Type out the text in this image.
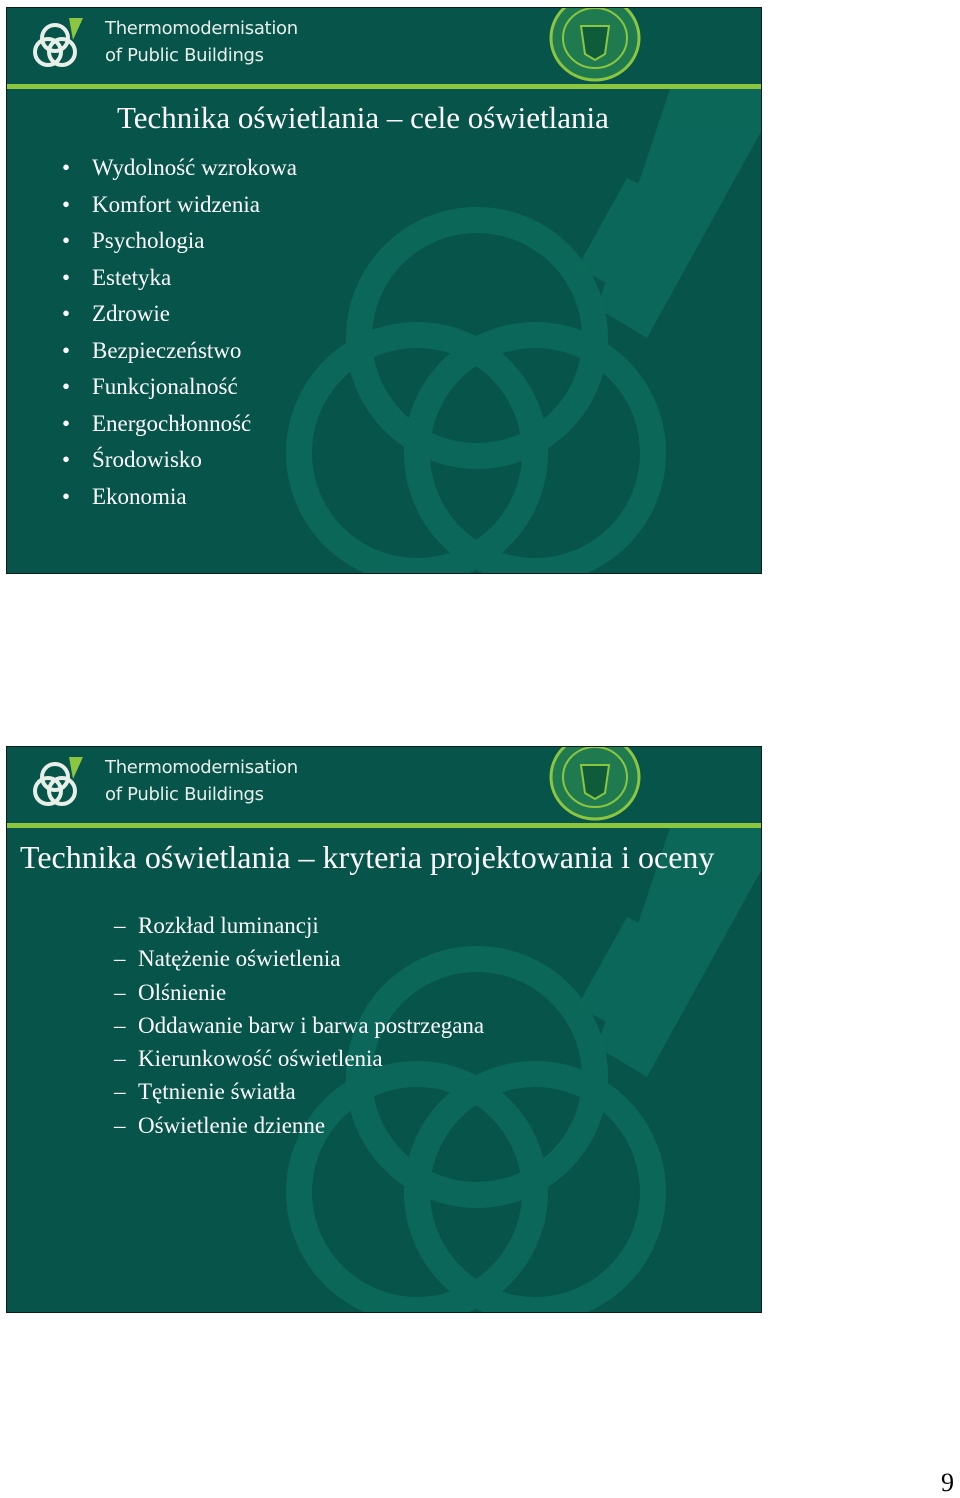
Thermomodernisation
of Public Buildings
Technika oświetlania – cele oświetlania
• Wydolność wzrokowa
• Komfort widzenia
• Psychologia
• Estetyka
• Zdrowie
• Bezpieczeństwo
• Funkcjonalność
• Energochłonność
• Środowisko
• Ekonomia
Thermomodernisation
of Public Buildings
Technika oświetlania – kryteria projektowania i oceny
– Rozkład luminancji
– Natężenie oświetlenia
– Olśnienie
– Oddawanie barw i barwa postrzegana
– Kierunkowość oświetlenia
– Tętnienie światła
– Oświetlenie dzienne
9
